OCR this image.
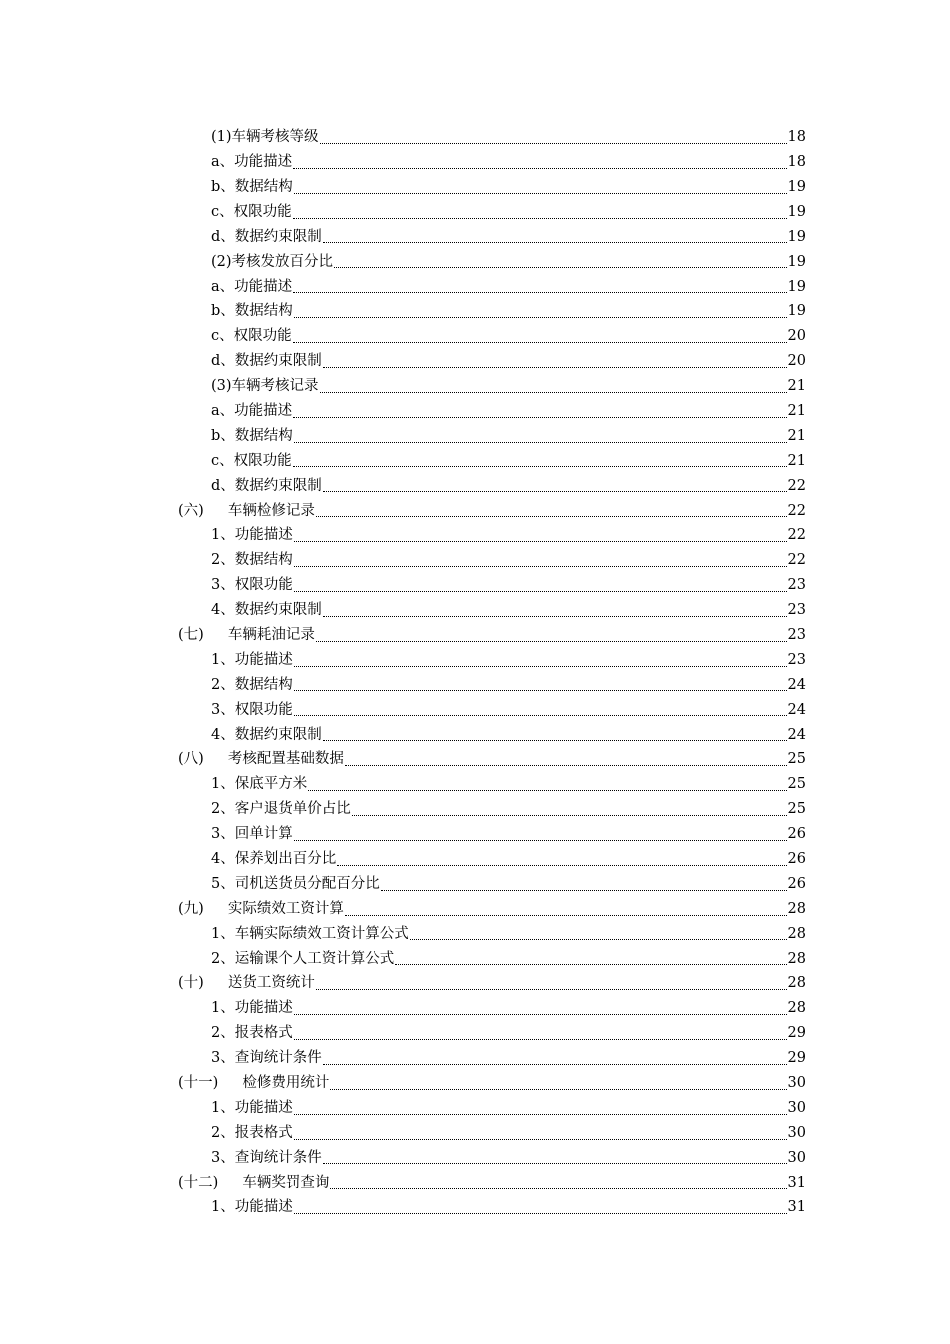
(1) 车辆考核等级	18
a、 功能描述	18
b、 数据结构	19
c、 权限功能	19
d、 数据约束限制	19
(2) 考核发放百分比	19
a、 功能描述	19
b、 数据结构	19
c、 权限功能	20
d、 数据约束限制	20
(3) 车辆考核记录	21
a、 功能描述	21
b、 数据结构	21
c、 权限功能	21
d、 数据约束限制	22
(六) 车辆检修记录	22
1、 功能描述	22
2、 数据结构	22
3、 权限功能	23
4、 数据约束限制	23
(七) 车辆耗油记录	23
1、 功能描述	23
2、 数据结构	24
3、 权限功能	24
4、 数据约束限制	24
(八) 考核配置基础数据	25
1、 保底平方米	25
2、 客户退货单价占比	25
3、 回单计算	26
4、 保养划出百分比	26
5、 司机送货员分配百分比	26
(九) 实际绩效工资计算	28
1、 车辆实际绩效工资计算公式	28
2、 运输课个人工资计算公式	28
(十) 送货工资统计	28
1、 功能描述	28
2、 报表格式	29
3、 查询统计条件	29
(十一) 检修费用统计	30
1、 功能描述	30
2、 报表格式	30
3、 查询统计条件	30
(十二) 车辆奖罚查询	31
1、 功能描述	31
